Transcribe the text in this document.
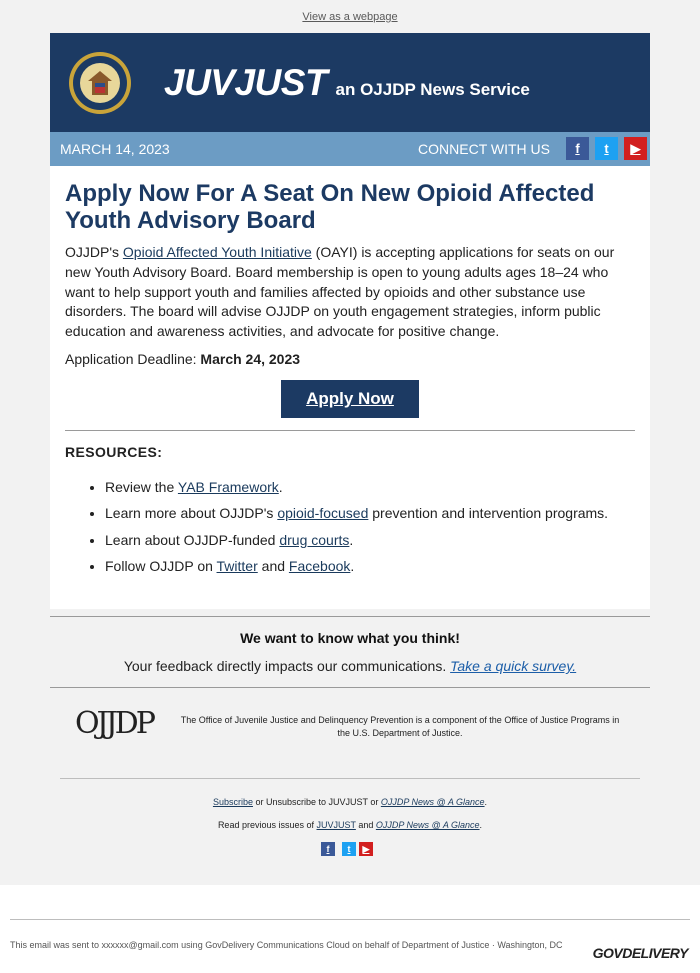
View as a webpage
JUVJUST an OJJDP News Service
MARCH 14, 2023	CONNECT WITH US	f	t	▶
Apply Now For A Seat On New Opioid Affected Youth Advisory Board

OJJDP's Opioid Affected Youth Initiative (OAYI) is accepting applications for seats on our new Youth Advisory Board. Board membership is open to young adults ages 18–24 who want to help support youth and families affected by opioids and other substance use disorders. The board will advise OJJDP on youth engagement strategies, inform public education and awareness activities, and advocate for positive change.

Application Deadline: March 24, 2023

Apply Now
RESOURCES:
• Review the YAB Framework.
• Learn more about OJJDP's opioid-focused prevention and intervention programs.
• Learn about OJJDP-funded drug courts.
• Follow OJJDP on Twitter and Facebook.
We want to know what you think!
Your feedback directly impacts our communications. Take a quick survey.
OJJDP	The Office of Juvenile Justice and Delinquency Prevention is a component of the Office of Justice Programs in the U.S. Department of Justice.
Subscribe or Unsubscribe to JUVJUST or OJJDP News @ A Glance.
Read previous issues of JUVJUST and OJJDP News @ A Glance.
f	t	▶
This email was sent to xxxxxx@gmail.com using GovDelivery Communications Cloud on behalf of Department of Justice · Washington, DC	GOVDELIVERY
